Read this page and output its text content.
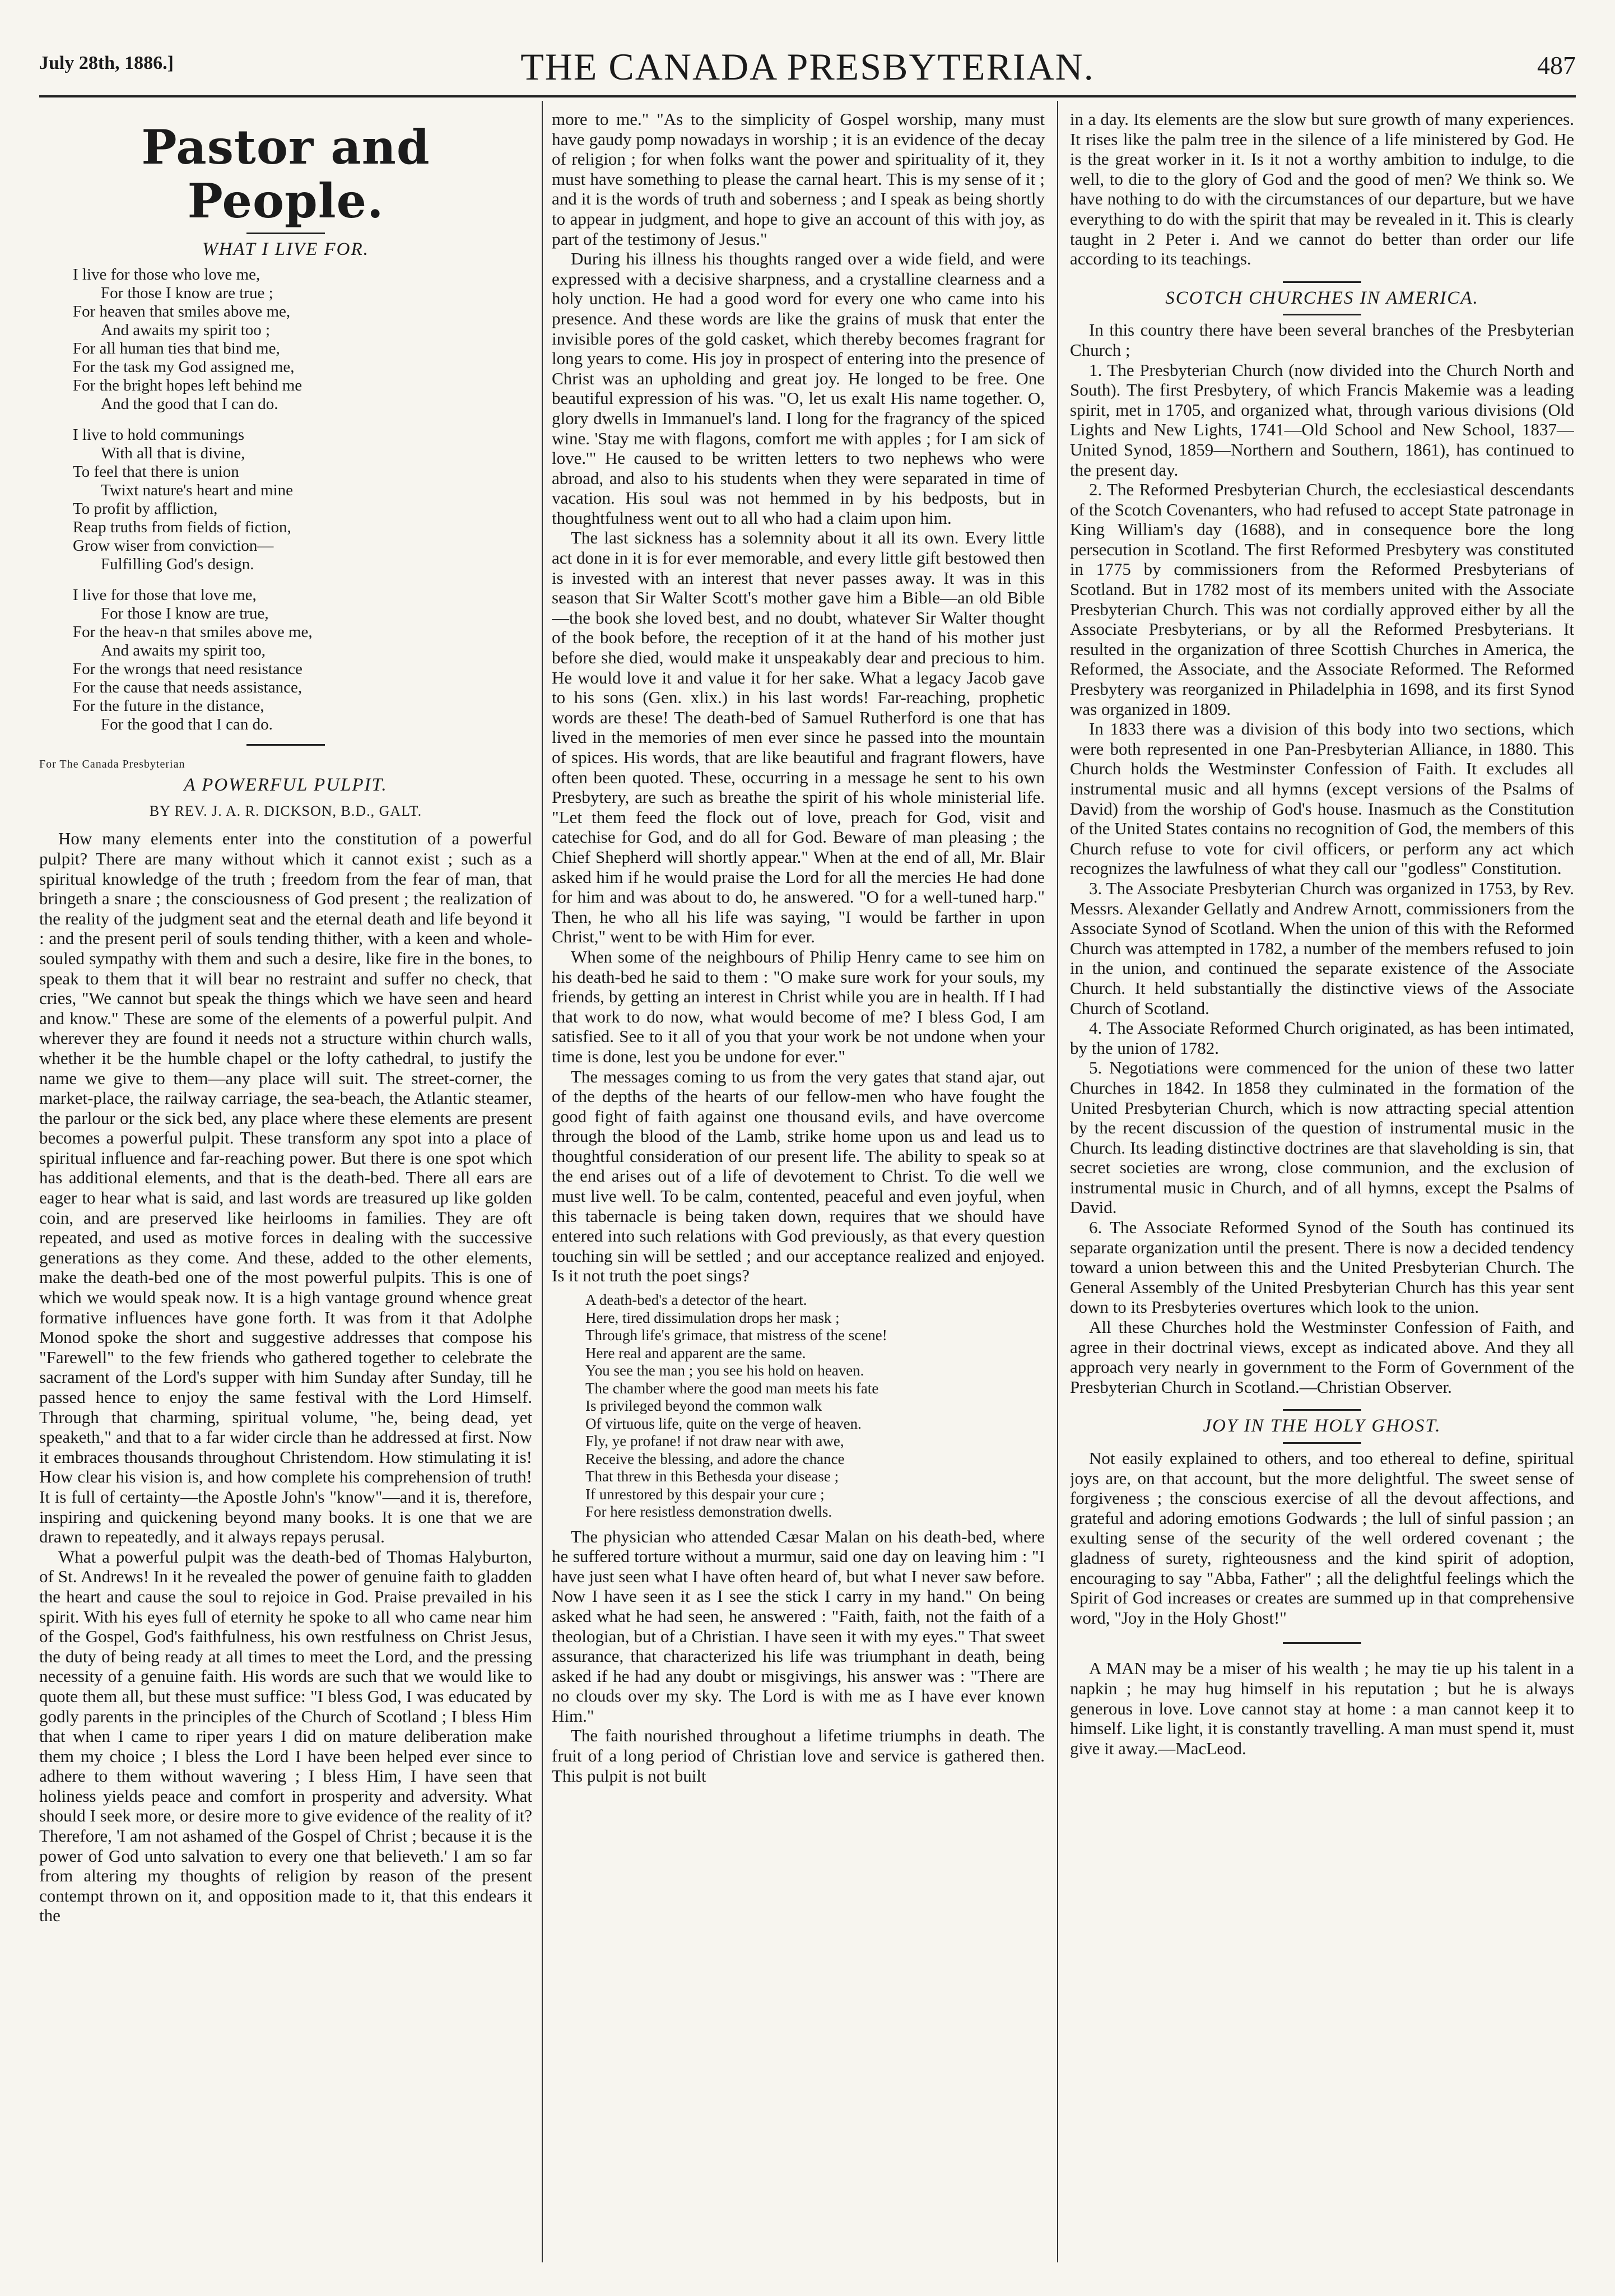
July 28th, 1886.]	THE CANADA PRESBYTERIAN.	487
Pastor and People.
WHAT I LIVE FOR.
I live for those who love me,
For those I know are true ;
For heaven that smiles above me,
And awaits my spirit too ;
For all human ties that bind me,
For the task my God assigned me,
For the bright hopes left behind me
And the good that I can do.
I live to hold communings
With all that is divine,
To feel that there is union
Twixt nature's heart and mine
To profit by affliction,
Reap truths from fields of fiction,
Grow wiser from conviction—
Fulfilling God's design.
I live for those that love me,
For those I know are true,
For the heav-n that smiles above me,
And awaits my spirit too,
For the wrongs that need resistance
For the cause that needs assistance,
For the future in the distance,
For the good that I can do.
For The Canada Presbyterian
A POWERFUL PULPIT.
BY REV. J. A. R. DICKSON, B.D., GALT.

How many elements enter into the constitution of a powerful pulpit? There are many without which it cannot exist ; such as a spiritual knowledge of the truth ; freedom from the fear of man, that bringeth a snare ; the consciousness of God present ; the realization of the reality of the judgment seat and the eternal death and life beyond it : and the present peril of souls tending thither, with a keen and whole-souled sympathy with them and such a desire, like fire in the bones, to speak to them that it will bear no restraint and suffer no check, that cries, "We cannot but speak the things which we have seen and heard and know." These are some of the elements of a powerful pulpit. And wherever they are found it needs not a structure within church walls, whether it be the humble chapel or the lofty cathedral, to justify the name we give to them—any place will suit. The street-corner, the market-place, the railway carriage, the sea-beach, the Atlantic steamer, the parlour or the sick bed, any place where these elements are present becomes a powerful pulpit. These transform any spot into a place of spiritual influence and far-reaching power. But there is one spot which has additional elements, and that is the death-bed. There all ears are eager to hear what is said, and last words are treasured up like golden coin, and are preserved like heirlooms in families. They are oft repeated, and used as motive forces in dealing with the successive generations as they come. And these, added to the other elements, make the death-bed one of the most powerful pulpits. This is one of which we would speak now. It is a high vantage ground whence great formative influences have gone forth. It was from it that Adolphe Monod spoke the short and suggestive addresses that compose his "Farewell" to the few friends who gathered together to celebrate the sacrament of the Lord's supper with him Sunday after Sunday, till he passed hence to enjoy the same festival with the Lord Himself. Through that charming, spiritual volume, "he, being dead, yet speaketh," and that to a far wider circle than he addressed at first. Now it embraces thousands throughout Christendom. How stimulating it is! How clear his vision is, and how complete his comprehension of truth! It is full of certainty—the Apostle John's "know"—and it is, therefore, inspiring and quickening beyond many books. It is one that we are drawn to repeatedly, and it always repays perusal.

What a powerful pulpit was the death-bed of Thomas Halyburton, of St. Andrews! In it he revealed the power of genuine faith to gladden the heart and cause the soul to rejoice in God. Praise prevailed in his spirit. With his eyes full of eternity he spoke to all who came near him of the Gospel, God's faithfulness, his own restfulness on Christ Jesus, the duty of being ready at all times to meet the Lord, and the pressing necessity of a genuine faith. His words are such that we would like to quote them all, but these must suffice: "I bless God, I was educated by godly parents in the principles of the Church of Scotland ; I bless Him that when I came to riper years I did on mature deliberation make them my choice ; I bless the Lord I have been helped ever since to adhere to them without wavering ; I bless Him, I have seen that holiness yields peace and comfort in prosperity and adversity. What should I seek more, or desire more to give evidence of the reality of it? Therefore, 'I am not ashamed of the Gospel of Christ ; because it is the power of God unto salvation to every one that believeth.' I am so far from altering my thoughts of religion by reason of the present contempt thrown on it, and opposition made to it, that this endears it the

more to me." "As to the simplicity of Gospel worship, many must have gaudy pomp nowadays in worship ; it is an evidence of the decay of religion ; for when folks want the power and spirituality of it, they must have something to please the carnal heart. This is my sense of it ; and it is the words of truth and soberness ; and I speak as being shortly to appear in judgment, and hope to give an account of this with joy, as part of the testimony of Jesus."

During his illness his thoughts ranged over a wide field, and were expressed with a decisive sharpness, and a crystalline clearness and a holy unction. He had a good word for every one who came into his presence. And these words are like the grains of musk that enter the invisible pores of the gold casket, which thereby becomes fragrant for long years to come. His joy in prospect of entering into the presence of Christ was an upholding and great joy. He longed to be free. One beautiful expression of his was. "O, let us exalt His name together. O, glory dwells in Immanuel's land. I long for the fragrancy of the spiced wine. 'Stay me with flagons, comfort me with apples ; for I am sick of love.'" He caused to be written letters to two nephews who were abroad, and also to his students when they were separated in time of vacation. His soul was not hemmed in by his bedposts, but in thoughtfulness went out to all who had a claim upon him.

The last sickness has a solemnity about it all its own. Every little act done in it is for ever memorable, and every little gift bestowed then is invested with an interest that never passes away. It was in this season that Sir Walter Scott's mother gave him a Bible—an old Bible—the book she loved best, and no doubt, whatever Sir Walter thought of the book before, the reception of it at the hand of his mother just before she died, would make it unspeakably dear and precious to him. He would love it and value it for her sake. What a legacy Jacob gave to his sons (Gen. xlix.) in his last words! Far-reaching, prophetic words are these! The death-bed of Samuel Rutherford is one that has lived in the memories of men ever since he passed into the mountain of spices. His words, that are like beautiful and fragrant flowers, have often been quoted. These, occurring in a message he sent to his own Presbytery, are such as breathe the spirit of his whole ministerial life. "Let them feed the flock out of love, preach for God, visit and catechise for God, and do all for God. Beware of man pleasing ; the Chief Shepherd will shortly appear." When at the end of all, Mr. Blair asked him if he would praise the Lord for all the mercies He had done for him and was about to do, he answered. "O for a well-tuned harp." Then, he who all his life was saying, "I would be farther in upon Christ," went to be with Him for ever.

When some of the neighbours of Philip Henry came to see him on his death-bed he said to them : "O make sure work for your souls, my friends, by getting an interest in Christ while you are in health. If I had that work to do now, what would become of me? I bless God, I am satisfied. See to it all of you that your work be not undone when your time is done, lest you be undone for ever."

The messages coming to us from the very gates that stand ajar, out of the depths of the hearts of our fellow-men who have fought the good fight of faith against one thousand evils, and have overcome through the blood of the Lamb, strike home upon us and lead us to thoughtful consideration of our present life. The ability to speak so at the end arises out of a life of devotement to Christ. To die well we must live well. To be calm, contented, peaceful and even joyful, when this tabernacle is being taken down, requires that we should have entered into such relations with God previously, as that every question touching sin will be settled ; and our acceptance realized and enjoyed. Is it not truth the poet sings?

A death-bed's a detector of the heart.
Here, tired dissimulation drops her mask ;
Through life's grimace, that mistress of the scene!
Here real and apparent are the same.
You see the man ; you see his hold on heaven.
The chamber where the good man meets his fate
Is privileged beyond the common walk
Of virtuous life, quite on the verge of heaven.
Fly, ye profane! if not draw near with awe,
Receive the blessing, and adore the chance
That threw in this Bethesda your disease ;
If unrestored by this despair your cure ;
For here resistless demonstration dwells.

The physician who attended Cæsar Malan on his death-bed, where he suffered torture without a murmur, said one day on leaving him : "I have just seen what I have often heard of, but what I never saw before. Now I have seen it as I see the stick I carry in my hand." On being asked what he had seen, he answered : "Faith, faith, not the faith of a theologian, but of a Christian. I have seen it with my eyes." That sweet assurance, that characterized his life was triumphant in death, being asked if he had any doubt or misgivings, his answer was : "There are no clouds over my sky. The Lord is with me as I have ever known Him."

The faith nourished throughout a lifetime triumphs in death. The fruit of a long period of Christian love and service is gathered then. This pulpit is not built

in a day. Its elements are the slow but sure growth of many experiences. It rises like the palm tree in the silence of a life ministered by God. He is the great worker in it. Is it not a worthy ambition to indulge, to die well, to die to the glory of God and the good of men? We think so. We have nothing to do with the circumstances of our departure, but we have everything to do with the spirit that may be revealed in it. This is clearly taught in 2 Peter i. And we cannot do better than order our life according to its teachings.

SCOTCH CHURCHES IN AMERICA.

In this country there have been several branches of the Presbyterian Church ;

1. The Presbyterian Church (now divided into the Church North and South). The first Presbytery, of which Francis Makemie was a leading spirit, met in 1705, and organized what, through various divisions (Old Lights and New Lights, 1741—Old School and New School, 1837—United Synod, 1859—Northern and Southern, 1861), has continued to the present day.

2. The Reformed Presbyterian Church, the ecclesiastical descendants of the Scotch Covenanters, who had refused to accept State patronage in King William's day (1688), and in consequence bore the long persecution in Scotland. The first Reformed Presbytery was constituted in 1775 by commissioners from the Reformed Presbyterians of Scotland. But in 1782 most of its members united with the Associate Presbyterian Church. This was not cordially approved either by all the Associate Presbyterians, or by all the Reformed Presbyterians. It resulted in the organization of three Scottish Churches in America, the Reformed, the Associate, and the Associate Reformed. The Reformed Presbytery was reorganized in Philadelphia in 1698, and its first Synod was organized in 1809.

In 1833 there was a division of this body into two sections, which were both represented in one Pan-Presbyterian Alliance, in 1880. This Church holds the Westminster Confession of Faith. It excludes all instrumental music and all hymns (except versions of the Psalms of David) from the worship of God's house. Inasmuch as the Constitution of the United States contains no recognition of God, the members of this Church refuse to vote for civil officers, or perform any act which recognizes the lawfulness of what they call our "godless" Constitution.

3. The Associate Presbyterian Church was organized in 1753, by Rev. Messrs. Alexander Gellatly and Andrew Arnott, commissioners from the Associate Synod of Scotland. When the union of this with the Reformed Church was attempted in 1782, a number of the members refused to join in the union, and continued the separate existence of the Associate Church. It held substantially the distinctive views of the Associate Church of Scotland.

4. The Associate Reformed Church originated, as has been intimated, by the union of 1782.

5. Negotiations were commenced for the union of these two latter Churches in 1842. In 1858 they culminated in the formation of the United Presbyterian Church, which is now attracting special attention by the recent discussion of the question of instrumental music in the Church. Its leading distinctive doctrines are that slaveholding is sin, that secret societies are wrong, close communion, and the exclusion of instrumental music in Church, and of all hymns, except the Psalms of David.

6. The Associate Reformed Synod of the South has continued its separate organization until the present. There is now a decided tendency toward a union between this and the United Presbyterian Church. The General Assembly of the United Presbyterian Church has this year sent down to its Presbyteries overtures which look to the union.

All these Churches hold the Westminster Confession of Faith, and agree in their doctrinal views, except as indicated above. And they all approach very nearly in government to the Form of Government of the Presbyterian Church in Scotland.—Christian Observer.

JOY IN THE HOLY GHOST.

Not easily explained to others, and too ethereal to define, spiritual joys are, on that account, but the more delightful. The sweet sense of forgiveness ; the conscious exercise of all the devout affections, and grateful and adoring emotions Godwards ; the lull of sinful passion ; an exulting sense of the security of the well ordered covenant ; the gladness of surety, righteousness and the kind spirit of adoption, encouraging to say "Abba, Father" ; all the delightful feelings which the Spirit of God increases or creates are summed up in that comprehensive word, "Joy in the Holy Ghost!"

A MAN may be a miser of his wealth ; he may tie up his talent in a napkin ; he may hug himself in his reputation ; but he is always generous in love. Love cannot stay at home : a man cannot keep it to himself. Like light, it is constantly travelling. A man must spend it, must give it away.—MacLeod.
